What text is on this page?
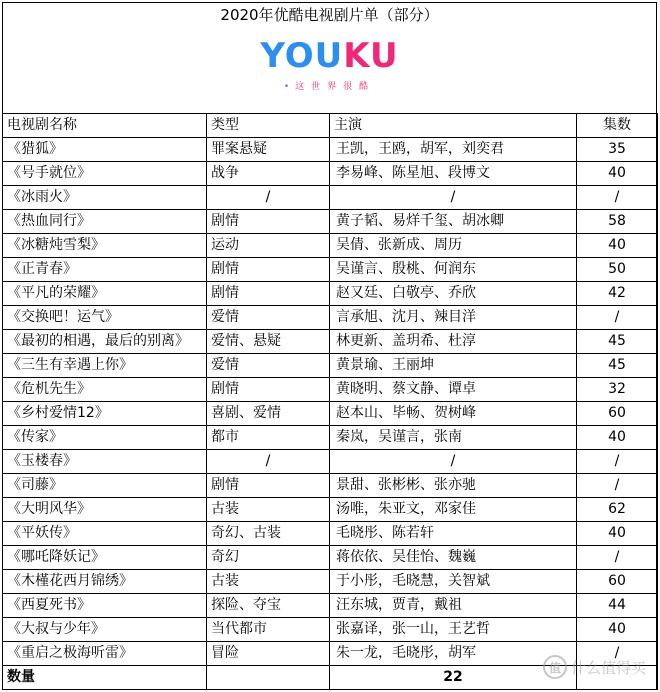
2020年优酷电视剧片单（部分）
YOUKU
• 这世界很酷
电视剧名称	类型	主演	集数
《猎狐》	罪案悬疑	王凯，王鸥，胡军，刘奕君	35
《号手就位》	战争	李易峰、陈星旭、段博文	40
《冰雨火》	/	/	/
《热血同行》	剧情	黄子韬、易烊千玺、胡冰卿	58
《冰糖炖雪梨》	运动	吴倩、张新成、周历	40
《正青春》	剧情	吴谨言、殷桃、何润东	50
《平凡的荣耀》	剧情	赵又廷、白敬亭、乔欣	42
《交换吧！运气》	爱情	言承旭、沈月、辣目洋	/
《最初的相遇，最后的别离》	爱情、悬疑	林更新、盖玥希、杜淳	45
《三生有幸遇上你》	爱情	黄景瑜、王丽坤	45
《危机先生》	剧情	黄晓明、蔡文静、谭卓	32
《乡村爱情12》	喜剧、爱情	赵本山、毕畅、贺树峰	60
《传家》	都市	秦岚，吴谨言，张南	40
《玉楼春》	/	/	/
《司藤》	剧情	景甜、张彬彬、张亦驰	/
《大明风华》	古装	汤唯，朱亚文，邓家佳	62
《平妖传》	奇幻、古装	毛晓彤、陈若轩	40
《哪吒降妖记》	奇幻	蒋依依、吴佳怡、魏巍	/
《木槿花西月锦绣》	古装	于小彤，毛晓慧，关智斌	60
《西夏死书》	探险、夺宝	汪东城，贾青，戴祖	44
《大叔与少年》	当代都市	张嘉译，张一山，王艺哲	40
《重启之极海听雷》	冒险	朱一龙，毛晓彤，胡军	/
数量		22	
值 什么值得买
